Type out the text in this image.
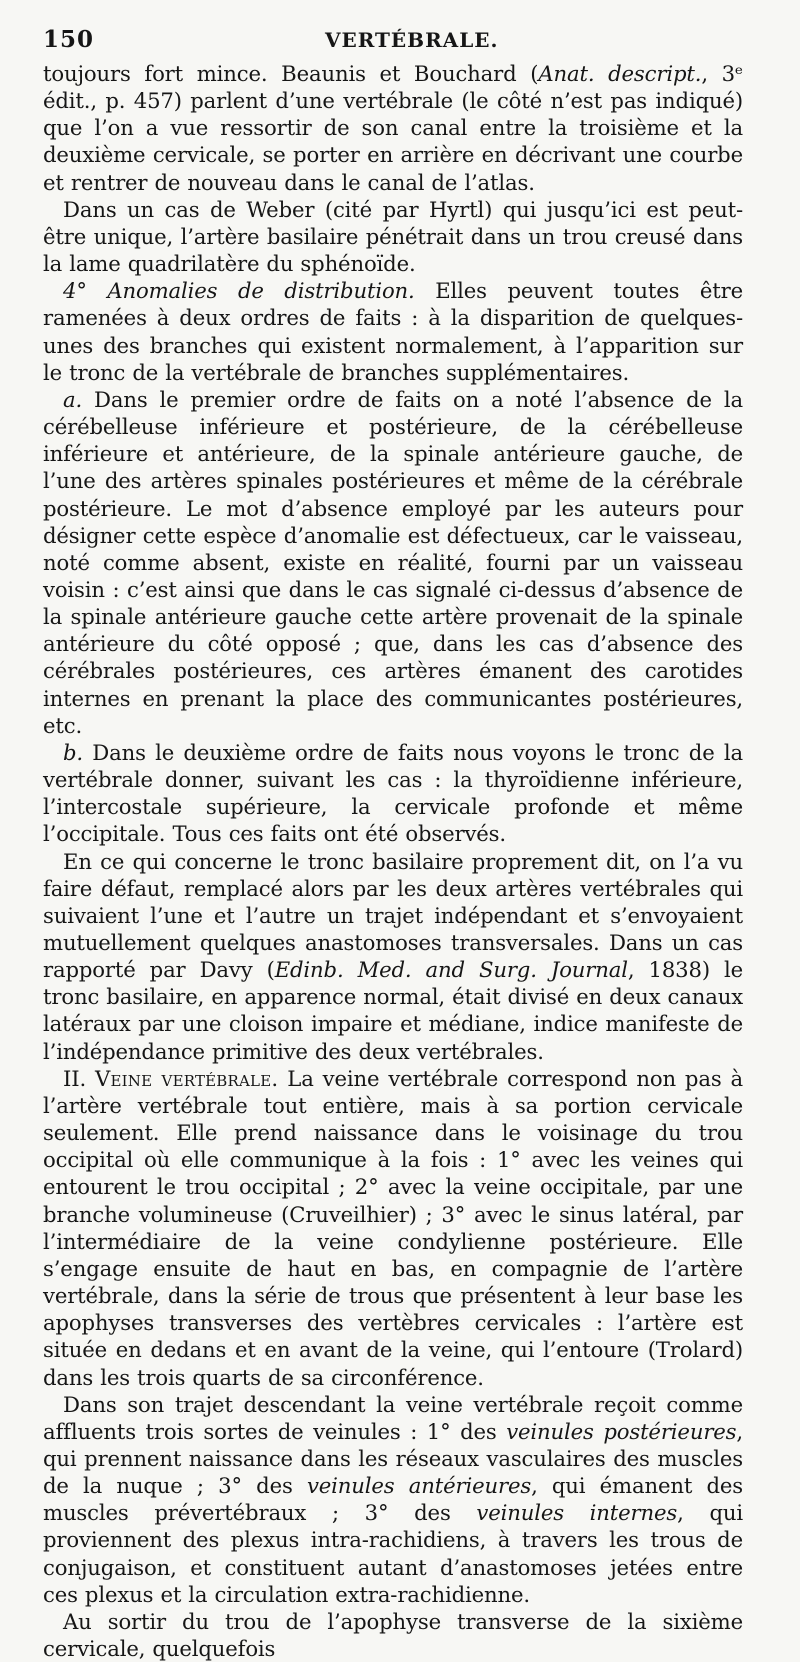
150	VERTÉBRALE.

toujours fort mince. Beaunis et Bouchard (Anat. descript., 3ᵉ édit., p. 457) parlent d’une vertébrale (le côté n’est pas indiqué) que l’on a vue ressortir de son canal entre la troisième et la deuxième cervicale, se porter en arrière en décrivant une courbe et rentrer de nouveau dans le canal de l’atlas.

Dans un cas de Weber (cité par Hyrtl) qui jusqu’ici est peut-être unique, l’artère basilaire pénétrait dans un trou creusé dans la lame quadrilatère du sphénoïde.

4° Anomalies de distribution. Elles peuvent toutes être ramenées à deux ordres de faits : à la disparition de quelques-unes des branches qui existent normalement, à l’apparition sur le tronc de la vertébrale de branches supplémentaires.

a. Dans le premier ordre de faits on a noté l’absence de la cérébelleuse inférieure et postérieure, de la cérébelleuse inférieure et antérieure, de la spinale antérieure gauche, de l’une des artères spinales postérieures et même de la cérébrale postérieure. Le mot d’absence employé par les auteurs pour désigner cette espèce d’anomalie est défectueux, car le vaisseau, noté comme absent, existe en réalité, fourni par un vaisseau voisin : c’est ainsi que dans le cas signalé ci-dessus d’absence de la spinale antérieure gauche cette artère provenait de la spinale antérieure du côté opposé ; que, dans les cas d’absence des cérébrales postérieures, ces artères émanent des carotides internes en prenant la place des communicantes postérieures, etc.

b. Dans le deuxième ordre de faits nous voyons le tronc de la vertébrale donner, suivant les cas : la thyroïdienne inférieure, l’intercostale supérieure, la cervicale profonde et même l’occipitale. Tous ces faits ont été observés.

En ce qui concerne le tronc basilaire proprement dit, on l’a vu faire défaut, remplacé alors par les deux artères vertébrales qui suivaient l’une et l’autre un trajet indépendant et s’envoyaient mutuellement quelques anastomoses transversales. Dans un cas rapporté par Davy (Edinb. Med. and Surg. Journal, 1838) le tronc basilaire, en apparence normal, était divisé en deux canaux latéraux par une cloison impaire et médiane, indice manifeste de l’indépendance primitive des deux vertébrales.

II. Veine vertébrale. La veine vertébrale correspond non pas à l’artère vertébrale tout entière, mais à sa portion cervicale seulement. Elle prend naissance dans le voisinage du trou occipital où elle communique à la fois : 1° avec les veines qui entourent le trou occipital ; 2° avec la veine occipitale, par une branche volumineuse (Cruveilhier) ; 3° avec le sinus latéral, par l’intermédiaire de la veine condylienne postérieure. Elle s’engage ensuite de haut en bas, en compagnie de l’artère vertébrale, dans la série de trous que présentent à leur base les apophyses transverses des vertèbres cervicales : l’artère est située en dedans et en avant de la veine, qui l’entoure (Trolard) dans les trois quarts de sa circonférence.

Dans son trajet descendant la veine vertébrale reçoit comme affluents trois sortes de veinules : 1° des veinules postérieures, qui prennent naissance dans les réseaux vasculaires des muscles de la nuque ; 3° des veinules antérieures, qui émanent des muscles prévertébraux ; 3° des veinules internes, qui proviennent des plexus intra-rachidiens, à travers les trous de conjugaison, et constituent autant d’anastomoses jetées entre ces plexus et la circulation extra-rachidienne.

Au sortir du trou de l’apophyse transverse de la sixième cervicale, quelquefois
